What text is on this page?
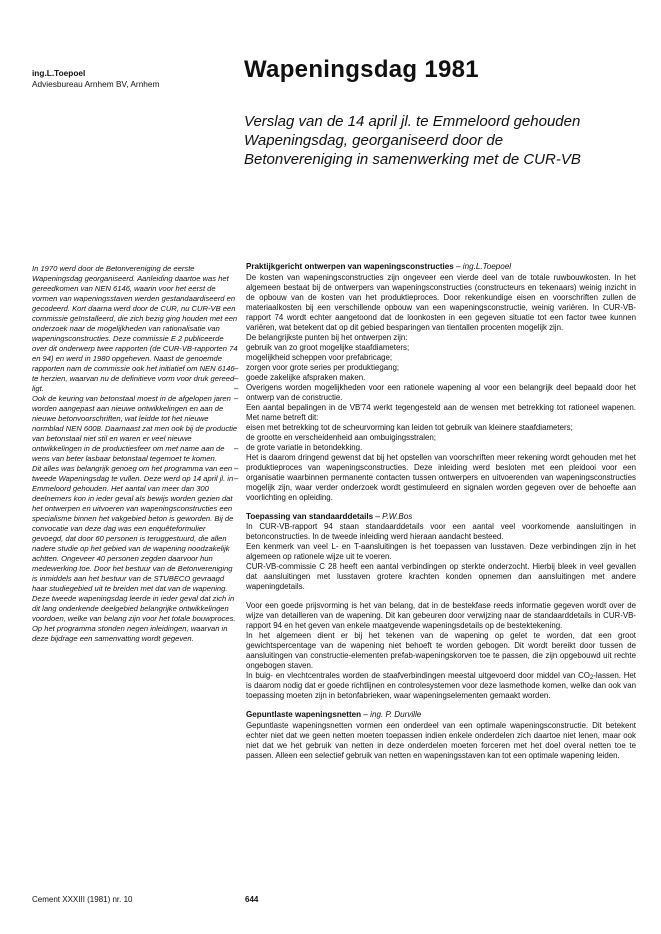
ing.L.Toepoel
Adviesbureau Arnhem BV, Arnhem
Wapeningsdag 1981
Verslag van de 14 april jl. te Emmeloord gehouden
Wapeningsdag, georganiseerd door de
Betonvereniging in samenwerking met de CUR-VB

In 1970 werd door de Betonvereniging de eerste Wapeningsdag georganiseerd. Aanleiding daartoe was het gereedkomen van NEN 6146, waarin voor het eerst de vormen van wapeningsstaven werden gestandaardiseerd en gecodeerd. Kort daarna werd door de CUR, nu CUR-VB een commissie geïnstalleerd, die zich bezig ging houden met een onderzoek naar de mogelijkheden van rationalisatie van wapeningsconstructies. Deze commissie E 2 publiceerde over dit onderwerp twee rapporten (de CUR-VB-rapporten 74 en 94) en werd in 1980 opgeheven. Naast de genoemde rapporten nam de commissie ook het initiatief om NEN 6146 te herzien, waarvan nu de definitieve vorm voor druk gereed ligt.

Ook de keuring van betonstaal moest in de afgelopen jaren worden aangepast aan nieuwe ontwikkelingen en aan de nieuwe betonvoorschriften, wat leidde tot het nieuwe normblad NEN 6008. Daarnaast zat men ook bij de productie van betonstaal niet stil en waren er veel nieuwe ontwikkelingen in de productiesfeer om met name aan de wens van beter lasbaar betonstaal tegemoet te komen.

Dit alles was belangrijk genoeg om het programma van een tweede Wapeningsdag te vullen. Deze werd op 14 april jl. in Emmeloord gehouden. Het aantal van meer dan 300 deelnemers kon in ieder geval als bewijs worden gezien dat het ontwerpen en uitvoeren van wapeningsconstructies een specialisme binnen het vakgebied beton is geworden. Bij de convocatie van deze dag was een enquêteformulier gevoegd, dat door 60 personen is teruggestuurd, die allen nadere studie op het gebied van de wapening noodzakelijk achtten. Ongeveer 40 personen zegden daarvoor hun medewerking toe. Door het bestuur van de Betonvereniging is inmiddels aan het bestuur van de STUBECO gevraagd haar studiegebied uit te breiden met dat van de wapening.

Deze tweede wapeningsdag leerde in ieder geval dat zich in dit lang onderkende deelgebied belangrijke ontwikkelingen voordoen, welke van belang zijn voor het totale bouwproces. Op het programma stonden negen inleidingen, waarvan in deze bijdrage een samenvatting wordt gegeven.

Praktijkgericht ontwerpen van wapeningsconstructies – ing.L.Toepoel

De kosten van wapeningsconstructies zijn ongeveer een vierde deel van de totale ruwbouwkosten. In het algemeen bestaat bij de ontwerpers van wapeningsconstructies (constructeurs en tekenaars) weinig inzicht in de opbouw van de kosten van het produktieproces. Door rekenkundige eisen en voorschriften zullen de materiaalkosten bij een verschillende opbouw van een wapeningsconstructie, weinig variëren. In CUR-VB-rapport 74 wordt echter aangetoond dat de loonkosten in een gegeven situatie tot een factor twee kunnen variëren, wat betekent dat op dit gebied besparingen van tientallen procenten mogelijk zijn.

De belangrijkste punten bij het ontwerpen zijn:

gebruik van zo groot mogelijke staafdiameters;
mogelijkheid scheppen voor prefabricage;
zorgen voor grote series per produktiegang;
goede zakelijke afspraken maken.

Overigens worden mogelijkheden voor een rationele wapening al voor een belangrijk deel bepaald door het ontwerp van de constructie.

Een aantal bepalingen in de VB'74 werkt tegengesteld aan de wensen met betrekking tot rationeel wapenen. Met name betreft dit:

eisen met betrekking tot de scheurvorming kan leiden tot gebruik van kleinere staafdiameters;
de grootte en verscheidenheid aan ombuigingsstralen;
de grote variatie in betondekking.

Het is daarom dringend gewenst dat bij het opstellen van voorschriften meer rekening wordt gehouden met het produktieproces van wapeningsconstructies. Deze inleiding werd besloten met een pleidooi voor een organisatie waarbinnen permanente contacten tussen ontwerpers en uitvoerenden van wapeningsconstructies mogelijk zijn, waar verder onderzoek wordt gestimuleerd en signalen worden gegeven over de behoefte aan voorlichting en opleiding.

Toepassing van standaarddetails – P.W.Bos

In CUR-VB-rapport 94 staan standaarddetails voor een aantal veel voorkomende aansluitingen in betonconstructies. In de tweede inleiding werd hieraan aandacht besteed.

Een kenmerk van veel L- en T-aansluitingen is het toepassen van lusstaven. Deze verbindingen zijn in het algemeen op rationele wijze uit te voeren.

CUR-VB-commissie C 28 heeft een aantal verbindingen op sterkte onderzocht. Hierbij bleek in veel gevallen dat aansluitingen met lusstaven grotere krachten konden opnemen dan aansluitingen met andere wapeningdetails.

Voor een goede prijsvorming is het van belang, dat in de bestekfase reeds informatie gegeven wordt over de wijze van detailleren van de wapening. Dit kan gebeuren door verwijzing naar de standaarddetails in CUR-VB-rapport 94 en het geven van enkele maatgevende wapeningsdetails op de bestektekening.

In het algemeen dient er bij het tekenen van de wapening op gelet te worden, dat een groot gewichtspercentage van de wapening niet behoeft te worden gebogen. Dit wordt bereikt door tussen de aansluitingen van constructie-elementen prefab-wapeningskorven toe te passen, die zijn opgebouwd uit rechte ongebogen staven.

In buig- en vlechtcentrales worden de staafverbindingen meestal uitgevoerd door middel van $CO_2$-lassen. Het is daarom nodig dat er goede richtlijnen en controlesystemen voor deze lasmethode komen, welke dan ook van toepassing moeten zijn in betonfabrieken, waar wapeningselementen gemaakt worden.

Gepuntlaste wapeningsnetten – ing. P. Durville

Gepuntlaste wapeningsnetten vormen een onderdeel van een optimale wapeningsconstructie. Dit betekent echter niet dat we geen netten moeten toepassen indien enkele onderdelen zich daartoe niet lenen, maar ook niet dat we het gebruik van netten in deze onderdelen moeten forceren met het doel overal netten toe te passen. Alleen een selectief gebruik van netten en wapeningsstaven kan tot een optimale wapening leiden.

–
–
–
–
–
–
–
Cement XXXIII (1981) nr. 10	644
